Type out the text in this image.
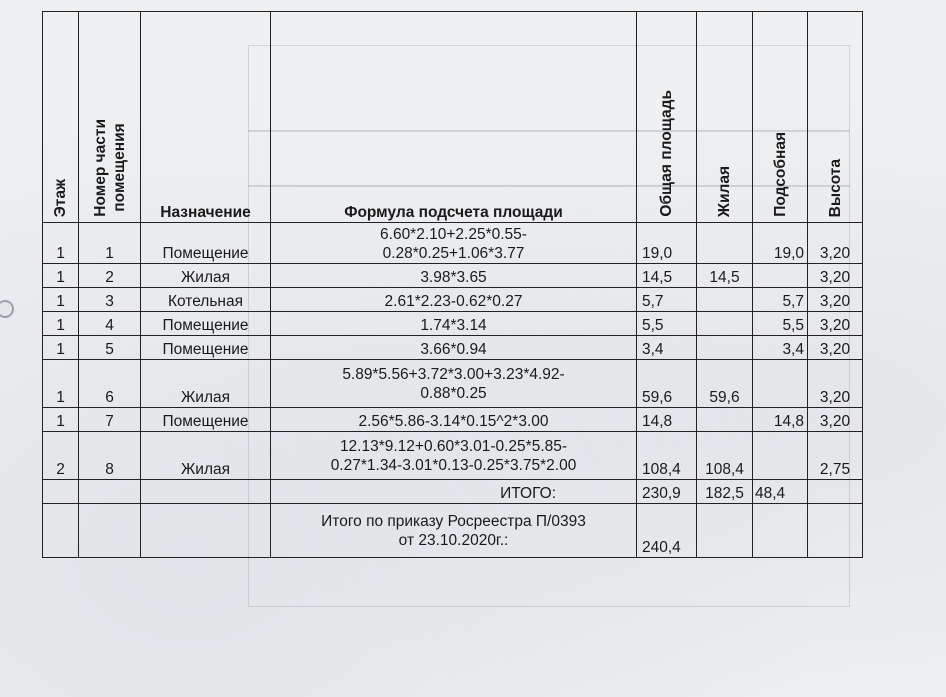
Этаж	Номер части помещения	Назначение	Формула подсчета площади	Общая площадь	Жилая	Подсобная	Высота
1	1	Помещение	6.60*2.10+2.25*0.55-
0.28*0.25+1.06*3.77	19,0		19,0	3,20
1	2	Жилая	3.98*3.65	14,5	14,5		3,20
1	3	Котельная	2.61*2.23-0.62*0.27	5,7		5,7	3,20
1	4	Помещение	1.74*3.14	5,5		5,5	3,20
1	5	Помещение	3.66*0.94	3,4		3,4	3,20
1	6	Жилая	5.89*5.56+3.72*3.00+3.23*4.92-
0.88*0.25	59,6	59,6		3,20
1	7	Помещение	2.56*5.86-3.14*0.15^2*3.00	14,8		14,8	3,20
2	8	Жилая	12.13*9.12+0.60*3.01-0.25*5.85-
0.27*1.34-3.01*0.13-0.25*3.75*2.00	108,4	108,4		2,75
			ИТОГО:	230,9	182,5	48,4	
			Итого по приказу Росреестра П/0393
от 23.10.2020г.:	240,4			
